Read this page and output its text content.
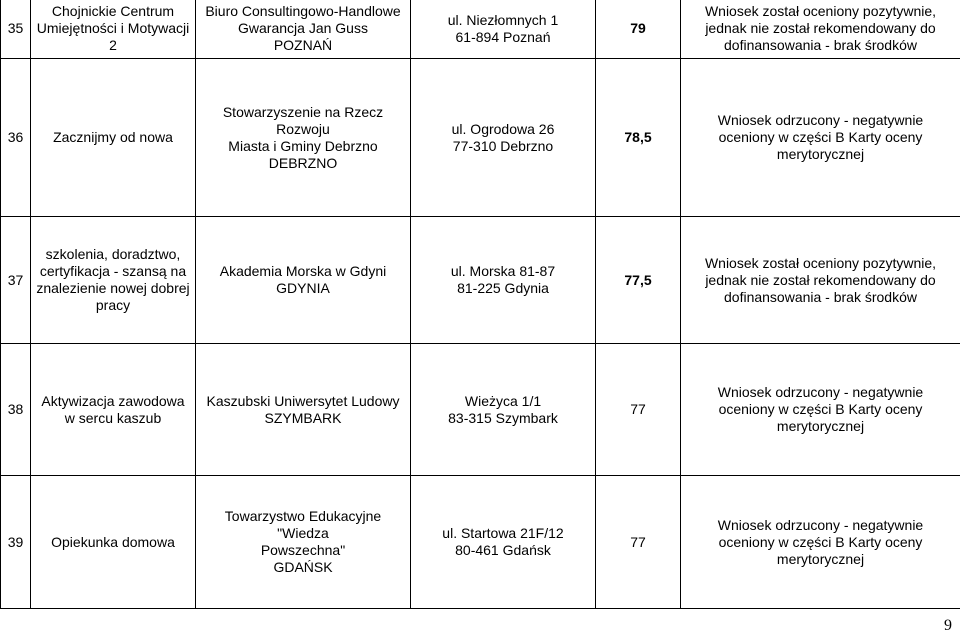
35	Chojnickie Centrum
Umiejętności i Motywacji
2	Biuro Consultingowo-Handlowe
Gwarancja Jan Guss
POZNAŃ	ul. Niezłomnych 1
61-894 Poznań	79	Wniosek został oceniony pozytywnie,
jednak nie został rekomendowany do
dofinansowania - brak środków
36	Zacznijmy od nowa	Stowarzyszenie na Rzecz Rozwoju
Miasta i Gminy Debrzno
DEBRZNO	ul. Ogrodowa 26
77-310 Debrzno	78,5	Wniosek odrzucony - negatywnie
oceniony w części B Karty oceny
merytorycznej
37	szkolenia, doradztwo,
certyfikacja - szansą na
znalezienie nowej dobrej
pracy	Akademia Morska w Gdyni
GDYNIA	ul. Morska 81-87
81-225 Gdynia	77,5	Wniosek został oceniony pozytywnie,
jednak nie został rekomendowany do
dofinansowania - brak środków
38	Aktywizacja zawodowa
w sercu kaszub	Kaszubski Uniwersytet Ludowy
SZYMBARK	Wieżyca 1/1
83-315 Szymbark	77	Wniosek odrzucony - negatywnie
oceniony w części B Karty oceny
merytorycznej
39	Opiekunka domowa	Towarzystwo Edukacyjne "Wiedza
Powszechna"
GDAŃSK	ul. Startowa 21F/12
80-461 Gdańsk	77	Wniosek odrzucony - negatywnie
oceniony w części B Karty oceny
merytorycznej
9
